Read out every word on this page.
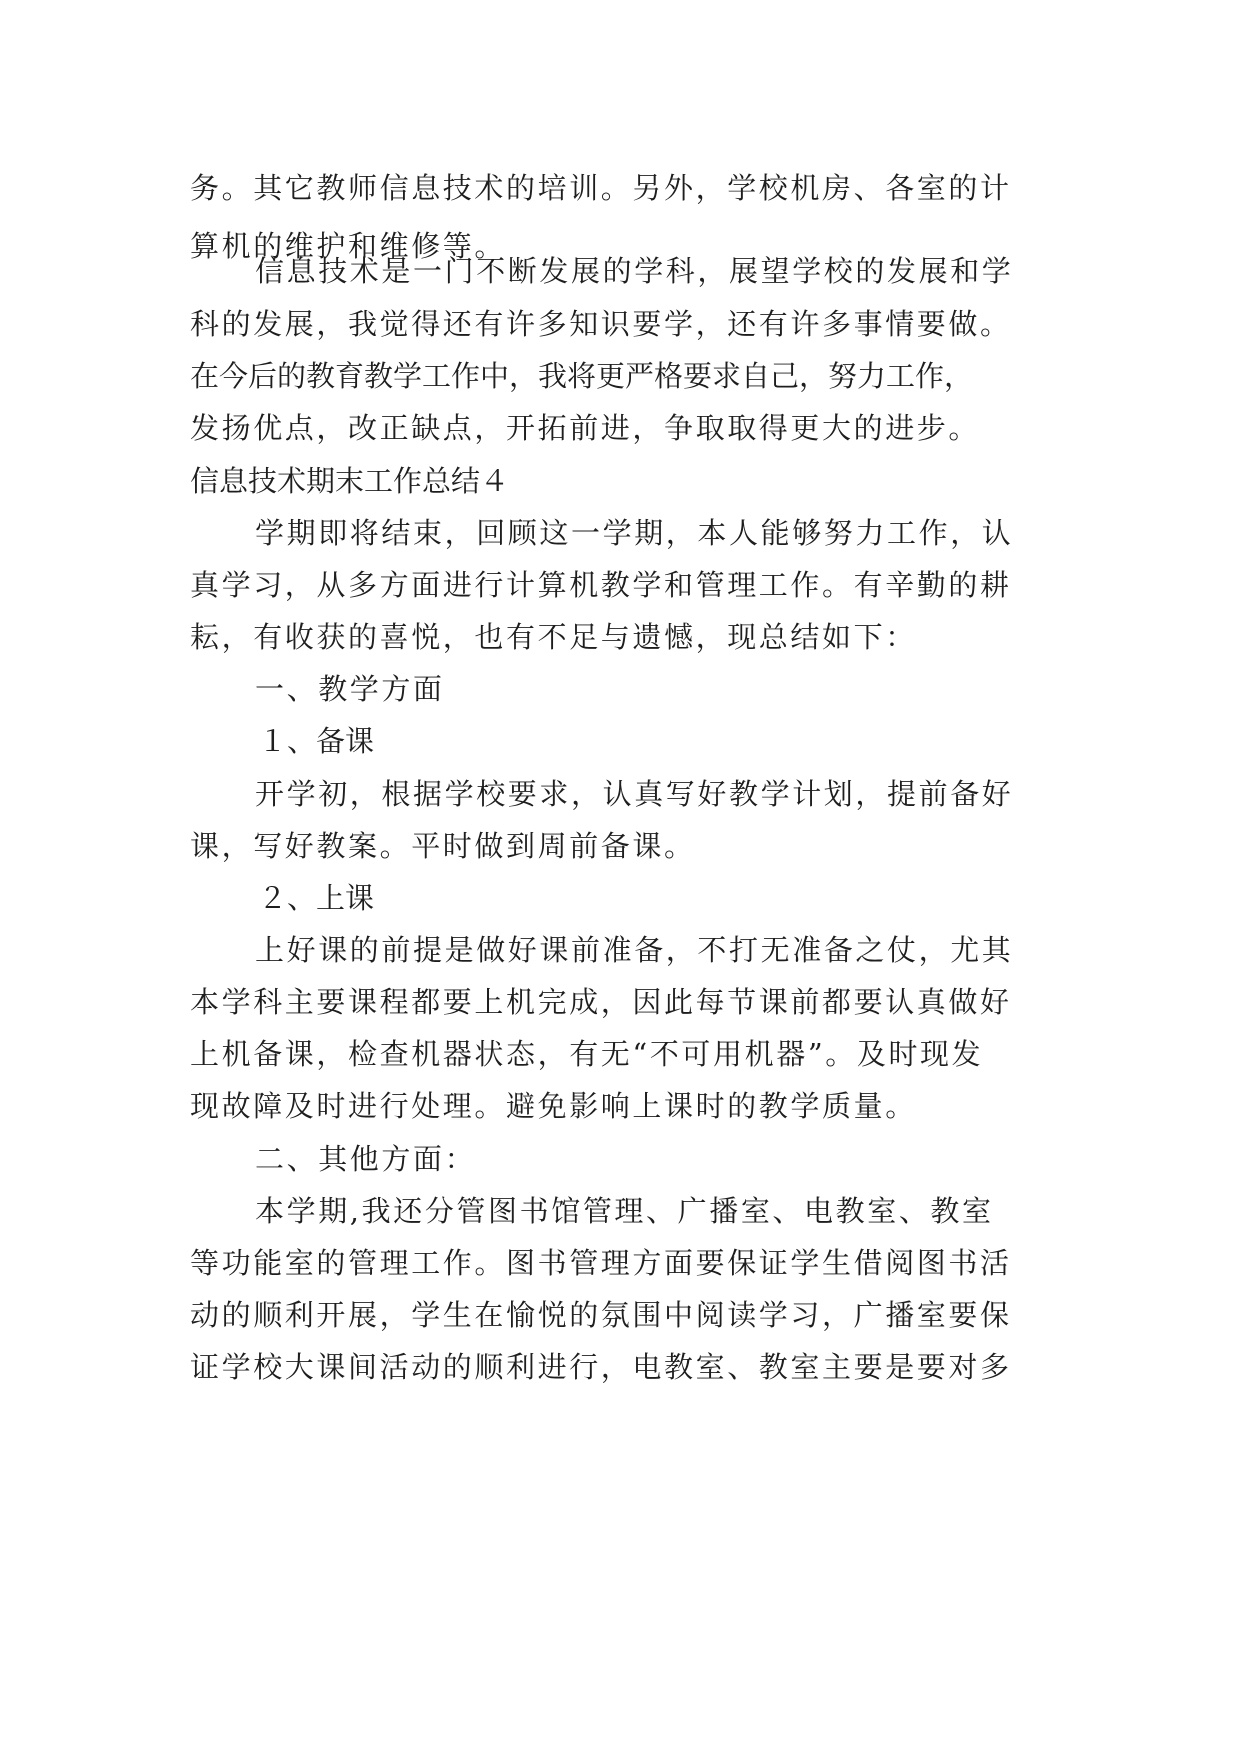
务。其它教师信息技术的培训。另外，学校机房、各室的计
算机的维护和维修等。
信息技术是一门不断发展的学科，展望学校的发展和学
科的发展，我觉得还有许多知识要学，还有许多事情要做。
在今后的教育教学工作中，我将更严格要求自己，努力工作，
发扬优点，改正缺点，开拓前进，争取取得更大的进步。
信息技术期末工作总结４
学期即将结束，回顾这一学期，本人能够努力工作，认
真学习，从多方面进行计算机教学和管理工作。有辛勤的耕
耘，有收获的喜悦，也有不足与遗憾，现总结如下：
一、教学方面
１、备课
开学初，根据学校要求，认真写好教学计划，提前备好
课，写好教案。平时做到周前备课。
２、上课
上好课的前提是做好课前准备，不打无准备之仗，尤其
本学科主要课程都要上机完成，因此每节课前都要认真做好
上机备课，检查机器状态，有无“不可用机器”。及时现发
现故障及时进行处理。避免影响上课时的教学质量。
二、其他方面：
本学期,我还分管图书馆管理、广播室、电教室、教室
等功能室的管理工作。图书管理方面要保证学生借阅图书活
动的顺利开展，学生在愉悦的氛围中阅读学习，广播室要保
证学校大课间活动的顺利进行，电教室、教室主要是要对多
